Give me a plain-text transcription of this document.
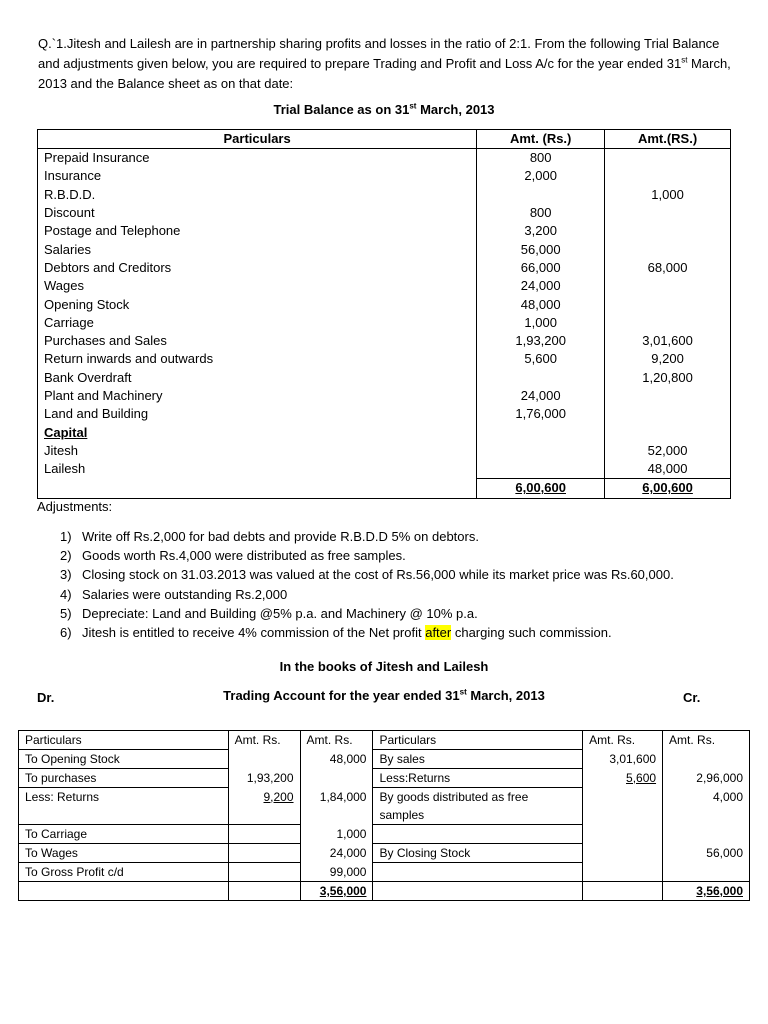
Q.`1.Jitesh and Lailesh are in partnership sharing profits and losses in the ratio of 2:1. From the following Trial Balance and adjustments given below, you are required to prepare Trading and Profit and Loss A/c for the year ended 31st March, 2013 and the Balance sheet as on that date:
Trial Balance as on 31st March, 2013
Particulars	Amt. (Rs.)	Amt.(RS.)
Prepaid Insurance	800	
Insurance	2,000	
R.B.D.D.		1,000
Discount	800	
Postage and Telephone	3,200	
Salaries	56,000	
Debtors and Creditors	66,000	68,000
Wages	24,000	
Opening Stock	48,000	
Carriage	1,000	
Purchases and Sales	1,93,200	3,01,600
Return inwards and outwards	5,600	9,200
Bank Overdraft		1,20,800
Plant and Machinery	24,000	
Land and Building	1,76,000	
Capital		
Jitesh		52,000
Lailesh		48,000
	6,00,600	6,00,600
Adjustments:
1) Write off Rs.2,000 for bad debts and provide R.B.D.D 5% on debtors.
2) Goods worth Rs.4,000 were distributed as free samples.
3) Closing stock on 31.03.2013 was valued at the cost of Rs.56,000 while its market price was Rs.60,000.
4) Salaries were outstanding Rs.2,000
5) Depreciate: Land and Building @5% p.a. and Machinery @ 10% p.a.
6) Jitesh is entitled to receive 4% commission of the Net profit after charging such commission.
In the books of Jitesh and Lailesh
Dr.	Trading Account for the year ended 31st March, 2013	Cr.
Particulars	Amt. Rs.	Amt. Rs.	Particulars	Amt. Rs.	Amt. Rs.
To Opening Stock		48,000	By sales	3,01,600	
To purchases	1,93,200		Less:Returns	5,600	2,96,000
Less: Returns	9,200	1,84,000	By goods distributed as free samples		4,000
To Carriage		1,000			
To Wages		24,000	By Closing Stock		56,000
To Gross Profit c/d		99,000			
		3,56,000			3,56,000
